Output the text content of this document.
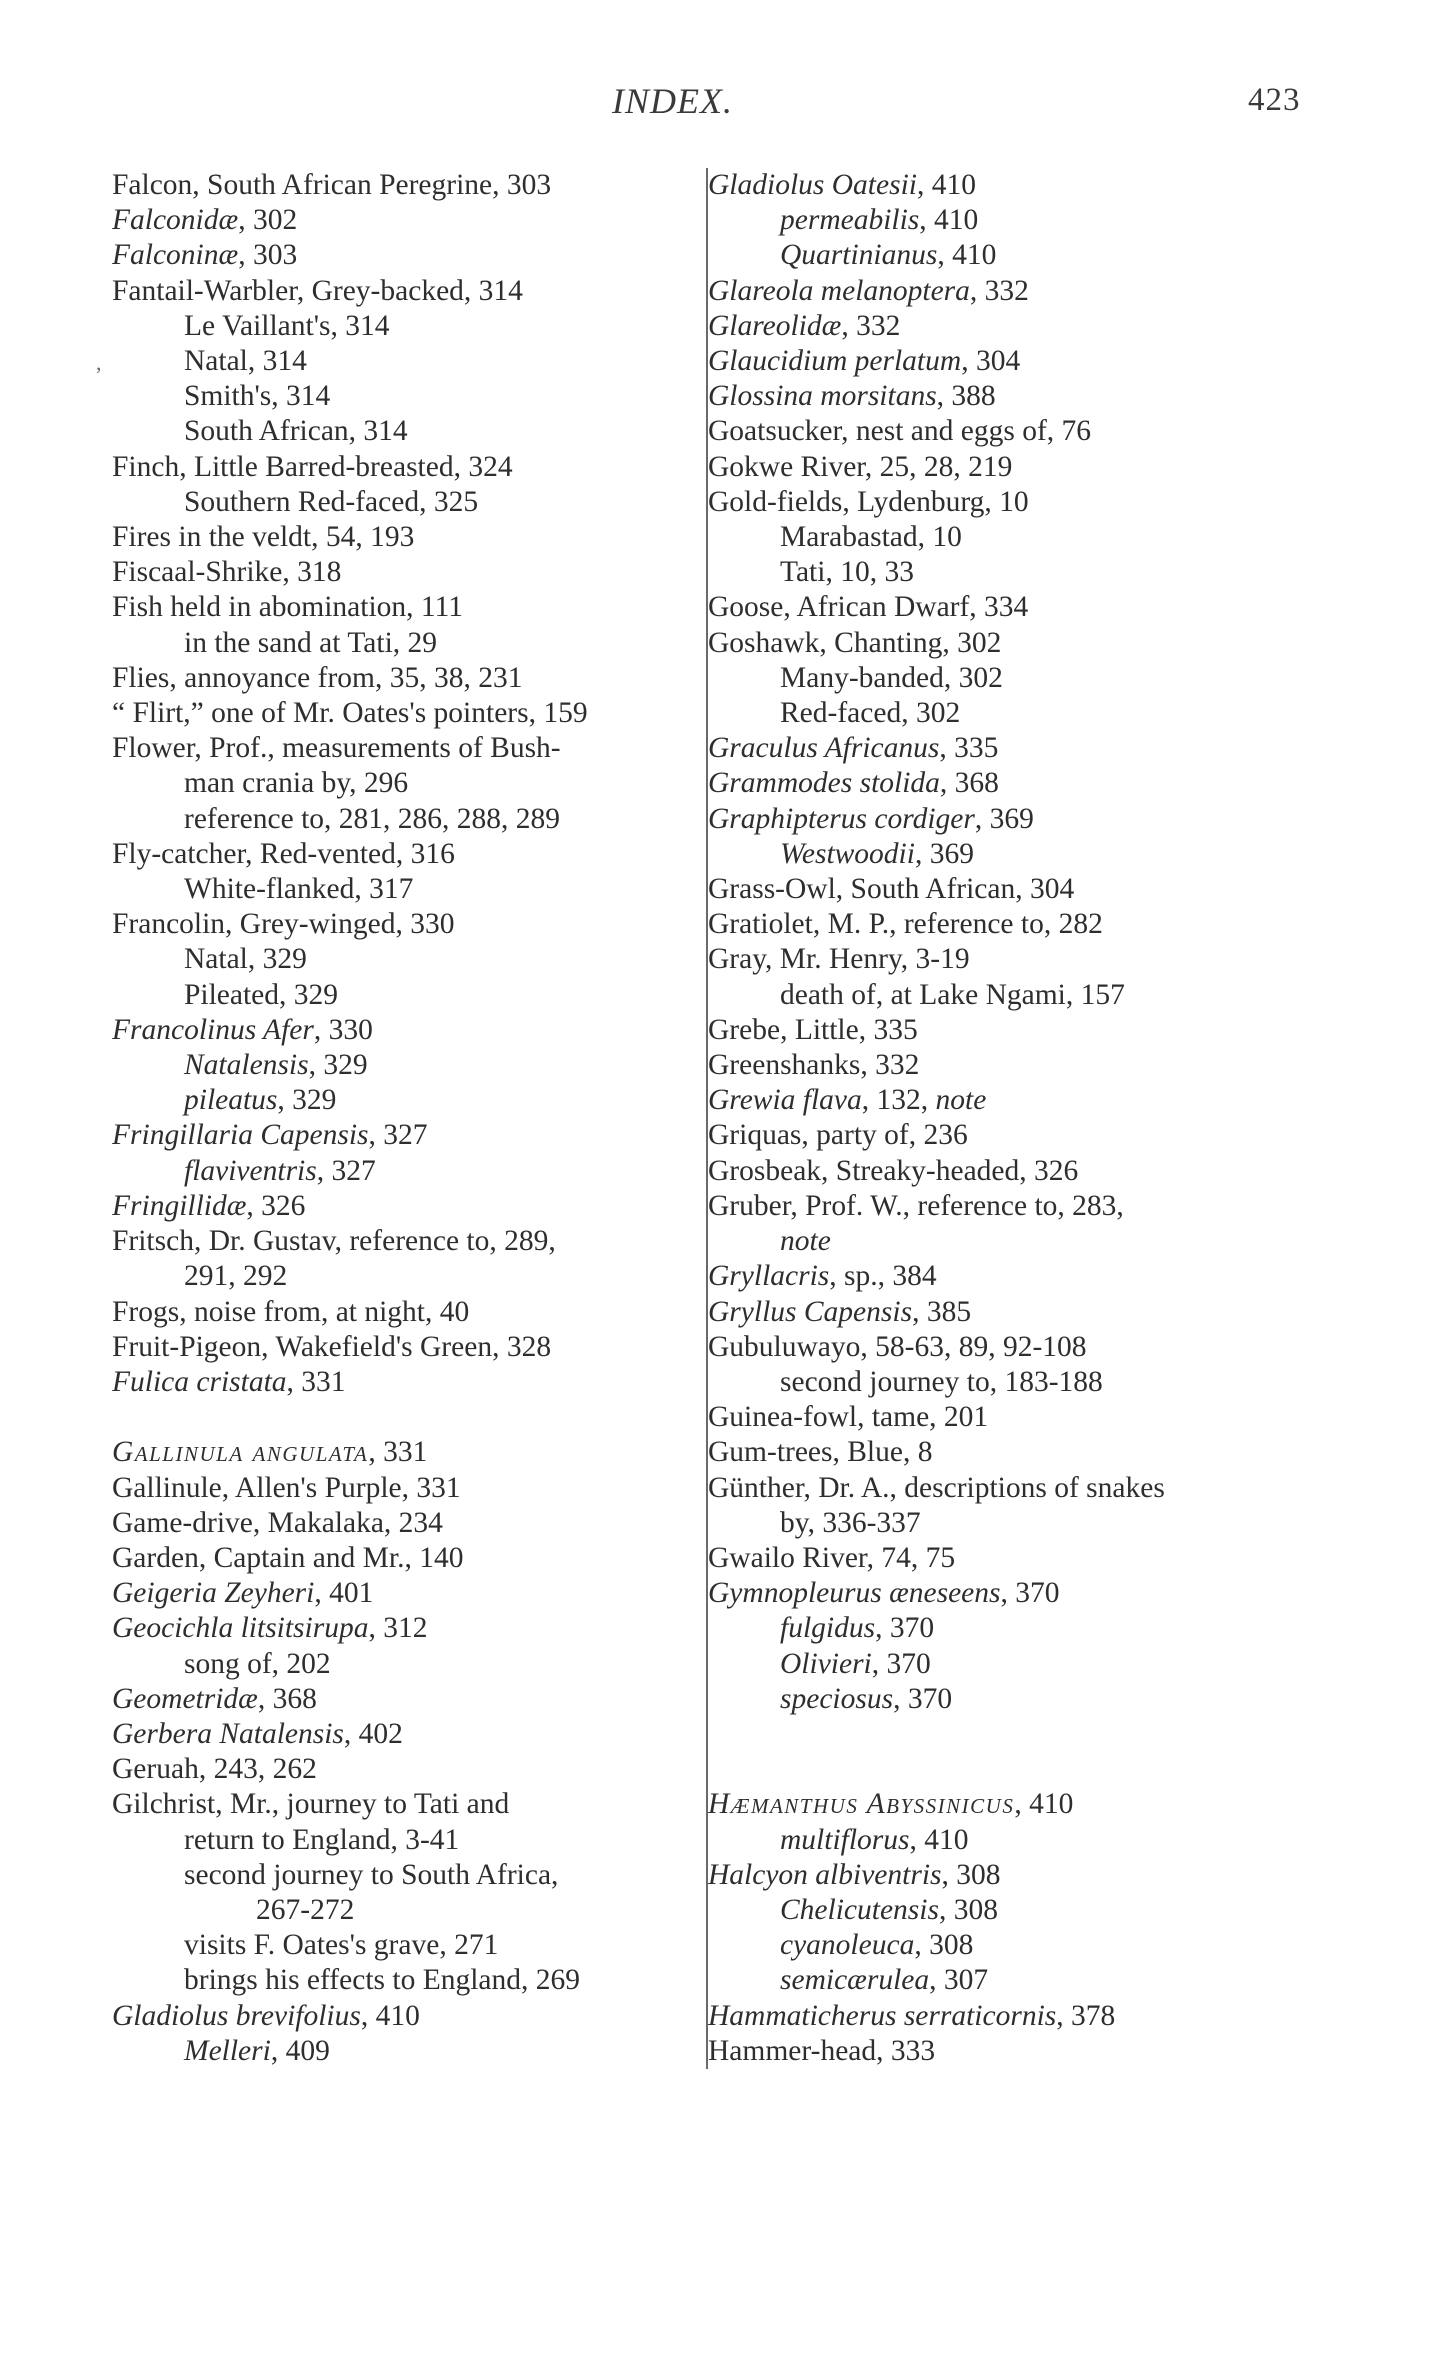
INDEX.	423
,
Falcon, South African Peregrine, 303
Falconidæ, 302
Falconinæ, 303
Fantail-Warbler, Grey-backed, 314
Le Vaillant's, 314
Natal, 314
Smith's, 314
South African, 314
Finch, Little Barred-breasted, 324
Southern Red-faced, 325
Fires in the veldt, 54, 193
Fiscaal-Shrike, 318
Fish held in abomination, 111
in the sand at Tati, 29
Flies, annoyance from, 35, 38, 231
“ Flirt,” one of Mr. Oates's pointers, 159
Flower, Prof., measurements of Bush-
man crania by, 296
reference to, 281, 286, 288, 289
Fly-catcher, Red-vented, 316
White-flanked, 317
Francolin, Grey-winged, 330
Natal, 329
Pileated, 329
Francolinus Afer, 330
Natalensis, 329
pileatus, 329
Fringillaria Capensis, 327
flaviventris, 327
Fringillidæ, 326
Fritsch, Dr. Gustav, reference to, 289,
291, 292
Frogs, noise from, at night, 40
Fruit-Pigeon, Wakefield's Green, 328
Fulica cristata, 331
Gallinula angulata, 331
Gallinule, Allen's Purple, 331
Game-drive, Makalaka, 234
Garden, Captain and Mr., 140
Geigeria Zeyheri, 401
Geocichla litsitsirupa, 312
song of, 202
Geometridæ, 368
Gerbera Natalensis, 402
Geruah, 243, 262
Gilchrist, Mr., journey to Tati and
return to England, 3-41
second journey to South Africa,
267-272
visits F. Oates's grave, 271
brings his effects to England, 269
Gladiolus brevifolius, 410
Melleri, 409
Gladiolus Oatesii, 410
permeabilis, 410
Quartinianus, 410
Glareola melanoptera, 332
Glareolidæ, 332
Glaucidium perlatum, 304
Glossina morsitans, 388
Goatsucker, nest and eggs of, 76
Gokwe River, 25, 28, 219
Gold-fields, Lydenburg, 10
Marabastad, 10
Tati, 10, 33
Goose, African Dwarf, 334
Goshawk, Chanting, 302
Many-banded, 302
Red-faced, 302
Graculus Africanus, 335
Grammodes stolida, 368
Graphipterus cordiger, 369
Westwoodii, 369
Grass-Owl, South African, 304
Gratiolet, M. P., reference to, 282
Gray, Mr. Henry, 3-19
death of, at Lake Ngami, 157
Grebe, Little, 335
Greenshanks, 332
Grewia flava, 132, note
Griquas, party of, 236
Grosbeak, Streaky-headed, 326
Gruber, Prof. W., reference to, 283,
note
Gryllacris, sp., 384
Gryllus Capensis, 385
Gubuluwayo, 58-63, 89, 92-108
second journey to, 183-188
Guinea-fowl, tame, 201
Gum-trees, Blue, 8
Günther, Dr. A., descriptions of snakes
by, 336-337
Gwailo River, 74, 75
Gymnopleurus æneseens, 370
fulgidus, 370
Olivieri, 370
speciosus, 370
Hæmanthus Abyssinicus, 410
multiflorus, 410
Halcyon albiventris, 308
Chelicutensis, 308
cyanoleuca, 308
semicærulea, 307
Hammaticherus serraticornis, 378
Hammer-head, 333
